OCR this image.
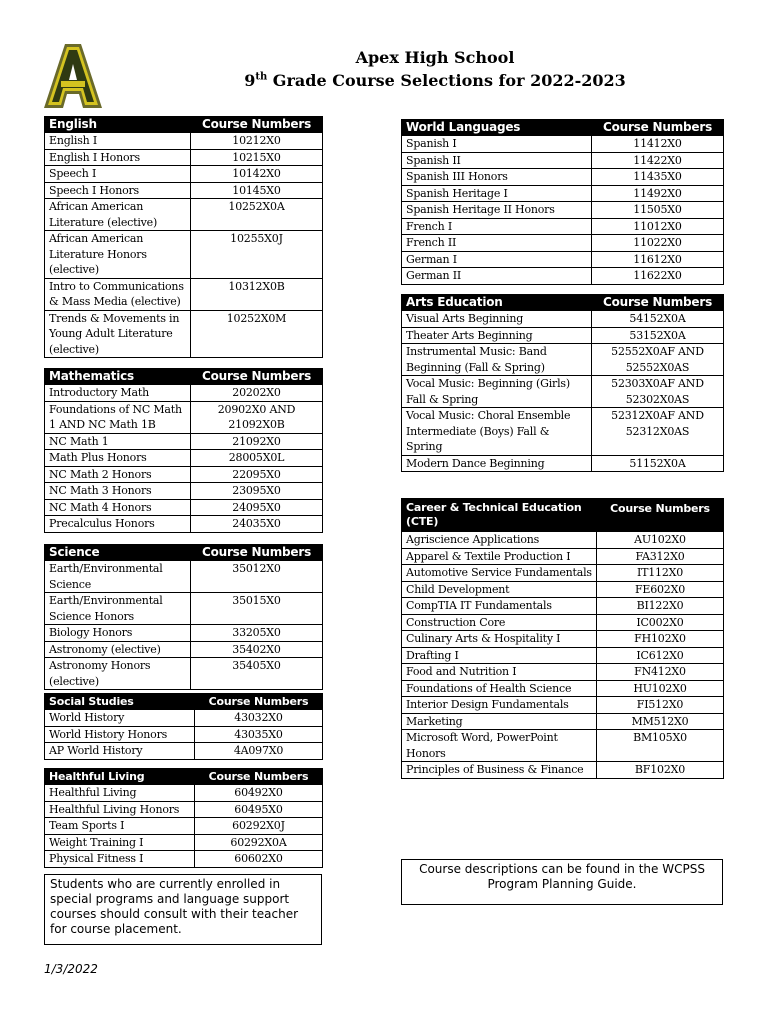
Apex High School
9th Grade Course Selections for 2022-2023
English	Course Numbers
English I	10212X0
English I Honors	10215X0
Speech I	10142X0
Speech I Honors	10145X0
African American Literature (elective)	10252X0A
African American Literature Honors (elective)	10255X0J
Intro to Communications & Mass Media (elective)	10312X0B
Trends & Movements in Young Adult Literature (elective)	10252X0M
Mathematics	Course Numbers
Introductory Math	20202X0
Foundations of NC Math 1 AND NC Math 1B	20902X0 AND 21092X0B
NC Math 1	21092X0
Math Plus Honors	28005X0L
NC Math 2 Honors	22095X0
NC Math 3 Honors	23095X0
NC Math 4 Honors	24095X0
Precalculus Honors	24035X0
Science	Course Numbers
Earth/Environmental Science	35012X0
Earth/Environmental Science Honors	35015X0
Biology Honors	33205X0
Astronomy (elective)	35402X0
Astronomy Honors (elective)	35405X0
Social Studies	Course Numbers
World History	43032X0
World History Honors	43035X0
AP World History	4A097X0
Healthful Living	Course Numbers
Healthful Living	60492X0
Healthful Living Honors	60495X0
Team Sports I	60292X0J
Weight Training I	60292X0A
Physical Fitness I	60602X0
World Languages	Course Numbers
Spanish I	11412X0
Spanish II	11422X0
Spanish III Honors	11435X0
Spanish Heritage I	11492X0
Spanish Heritage II Honors	11505X0
French I	11012X0
French II	11022X0
German I	11612X0
German II	11622X0
Arts Education	Course Numbers
Visual Arts Beginning	54152X0A
Theater Arts Beginning	53152X0A
Instrumental Music: Band Beginning (Fall & Spring)	52552X0AF AND 52552X0AS
Vocal Music: Beginning (Girls) Fall & Spring	52303X0AF AND 52302X0AS
Vocal Music: Choral Ensemble Intermediate (Boys) Fall & Spring	52312X0AF AND 52312X0AS
Modern Dance Beginning	51152X0A
Career & Technical Education (CTE)	Course Numbers
Agriscience Applications	AU102X0
Apparel & Textile Production I	FA312X0
Automotive Service Fundamentals	IT112X0
Child Development	FE602X0
CompTIA IT Fundamentals	BI122X0
Construction Core	IC002X0
Culinary Arts & Hospitality I	FH102X0
Drafting I	IC612X0
Food and Nutrition I	FN412X0
Foundations of Health Science	HU102X0
Interior Design Fundamentals	FI512X0
Marketing	MM512X0
Microsoft Word, PowerPoint Honors	BM105X0
Principles of Business & Finance	BF102X0
Students who are currently enrolled in special programs and language support courses should consult with their teacher for course placement.
Course descriptions can be found in the WCPSS Program Planning Guide.
1/3/2022
